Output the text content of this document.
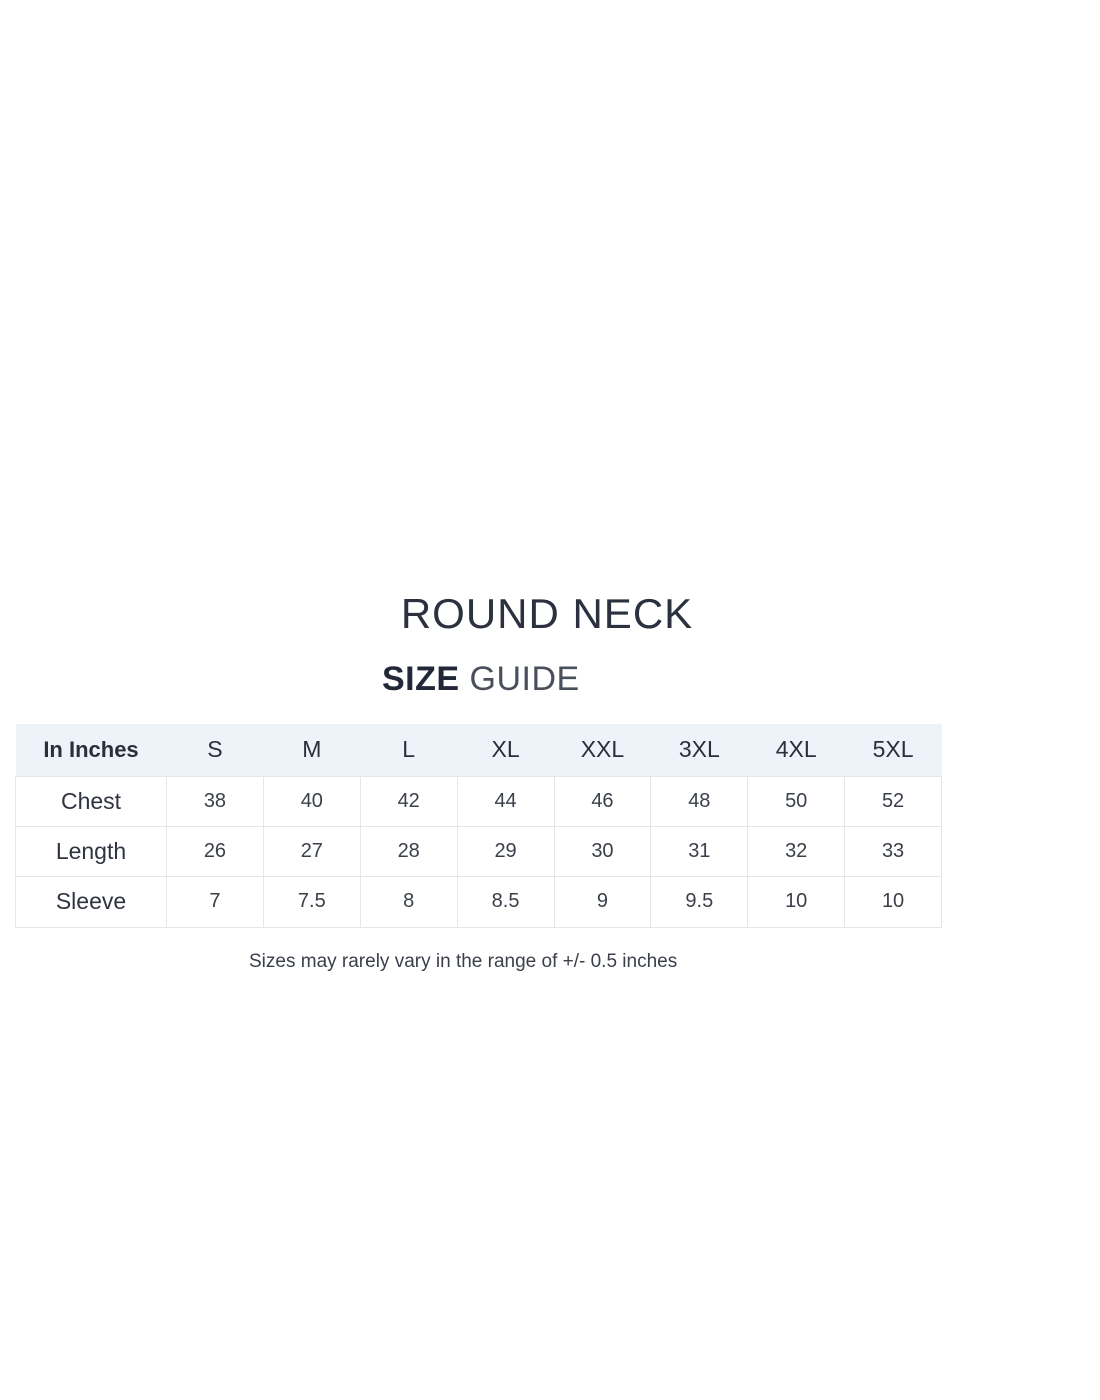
ROUND NECK
SIZE GUIDE
In Inches	S	M	L	XL	XXL	3XL	4XL	5XL
Chest	38	40	42	44	46	48	50	52
Length	26	27	28	29	30	31	32	33
Sleeve	7	7.5	8	8.5	9	9.5	10	10
Sizes may rarely vary in the range of +/- 0.5 inches
